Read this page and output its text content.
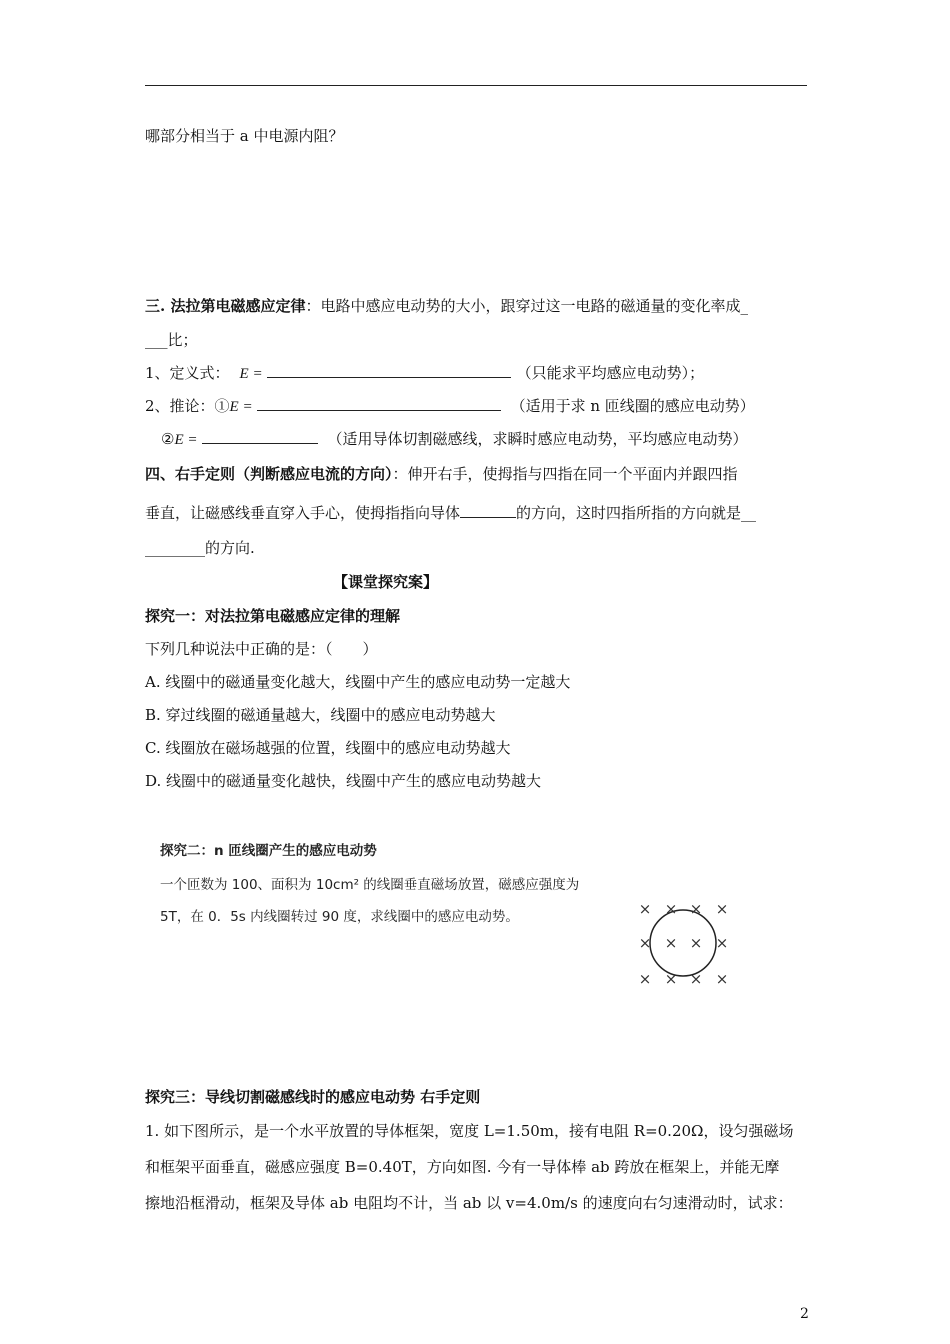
哪部分相当于 a 中电源内阻？
三. 法拉第电磁感应定律：电路中感应电动势的大小，跟穿过这一电路的磁通量的变化率成_
___比；
1、定义式： E =	（只能求平均感应电动势）；
2、推论：①E =	（适用于求 n 匝线圈的感应电动势）
②E =	（适用导体切割磁感线，求瞬时感应电动势，平均感应电动势）
四、右手定则（判断感应电流的方向）：伸开右手，使拇指与四指在同一个平面内并跟四指
垂直，让磁感线垂直穿入手心，使拇指指向导体	的方向，这时四指所指的方向就是__
________的方向.
【课堂探究案】
探究一：对法拉第电磁感应定律的理解
下列几种说法中正确的是：（　　）
A. 线圈中的磁通量变化越大，线圈中产生的感应电动势一定越大
B. 穿过线圈的磁通量越大，线圈中的感应电动势越大
C. 线圈放在磁场越强的位置，线圈中的感应电动势越大
D. 线圈中的磁通量变化越快，线圈中产生的感应电动势越大
探究二：n 匝线圈产生的感应电动势
一个匝数为 100、面积为 10cm² 的线圈垂直磁场放置，磁感应强度为
5T，在 0．5s 内线圈转过 90 度，求线圈中的感应电动势。	× × × ×
× × × ×
× × × ×
探究三：导线切割磁感线时的感应电动势 右手定则
1. 如下图所示，是一个水平放置的导体框架，宽度 L=1.50m，接有电阻 R=0.20Ω，设匀强磁场
和框架平面垂直，磁感应强度 B=0.40T，方向如图. 今有一导体棒 ab 跨放在框架上，并能无摩
擦地沿框滑动，框架及导体 ab 电阻均不计，当 ab 以 v=4.0m/s 的速度向右匀速滑动时，试求：
2
